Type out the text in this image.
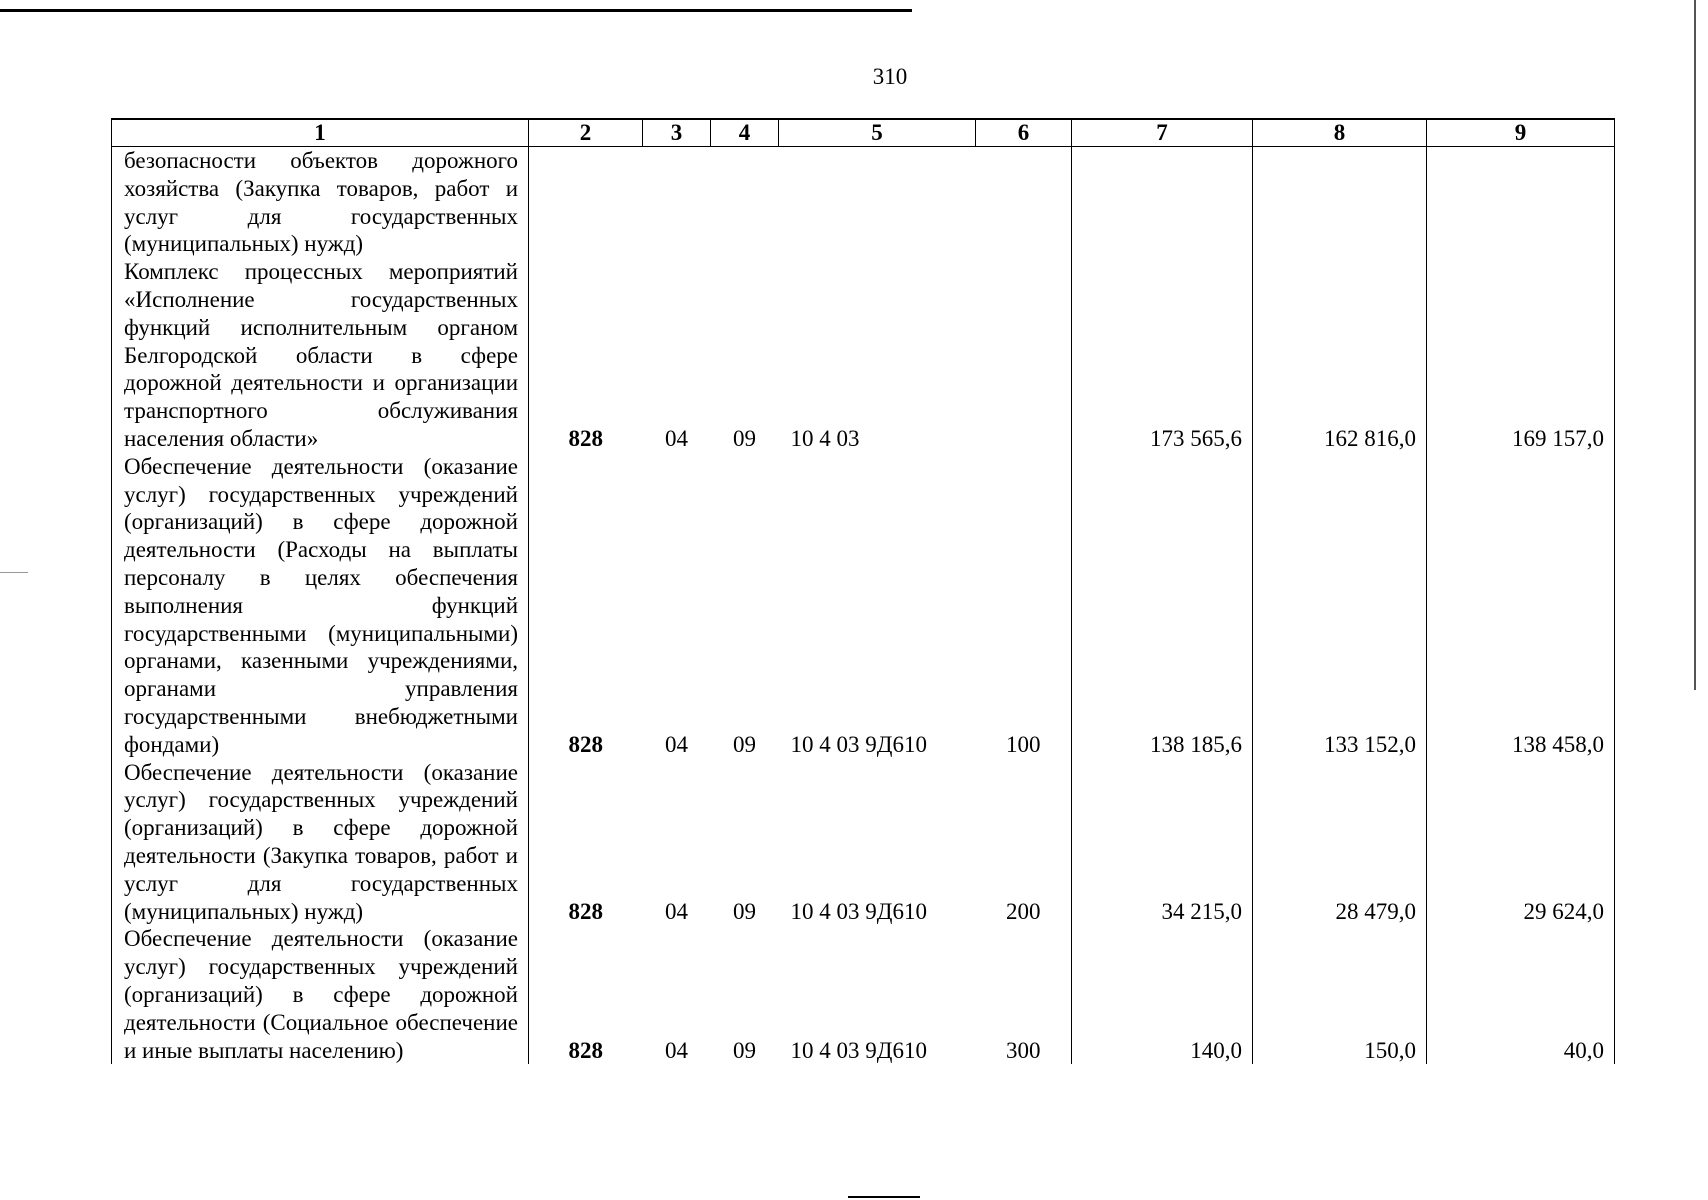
310
1	2	3	4	5	6	7	8	9
безопасности объектов дорожного хозяйства (Закупка товаров, работ и услуг для государственных (муниципальных) нужд)								
Комплекс процессных мероприятий «Исполнение государственных функций исполнительным органом Белгородской области в сфере дорожной деятельности и организации транспортного обслуживания населения области»	828	04	09	10 4 03		173 565,6	162 816,0	169 157,0
Обеспечение деятельности (оказание услуг) государственных учреждений (организаций) в сфере дорожной деятельности (Расходы на выплаты персоналу в целях обеспечения выполнения функций государственными (муниципальными) органами, казенными учреждениями, органами управления государственными внебюджетными фондами)	828	04	09	10 4 03 9Д610	100	138 185,6	133 152,0	138 458,0
Обеспечение деятельности (оказание услуг) государственных учреждений (организаций) в сфере дорожной деятельности (Закупка товаров, работ и услуг для государственных (муниципальных) нужд)	828	04	09	10 4 03 9Д610	200	34 215,0	28 479,0	29 624,0
Обеспечение деятельности (оказание услуг) государственных учреждений (организаций) в сфере дорожной деятельности (Социальное обеспечение и иные выплаты населению)	828	04	09	10 4 03 9Д610	300	140,0	150,0	40,0
